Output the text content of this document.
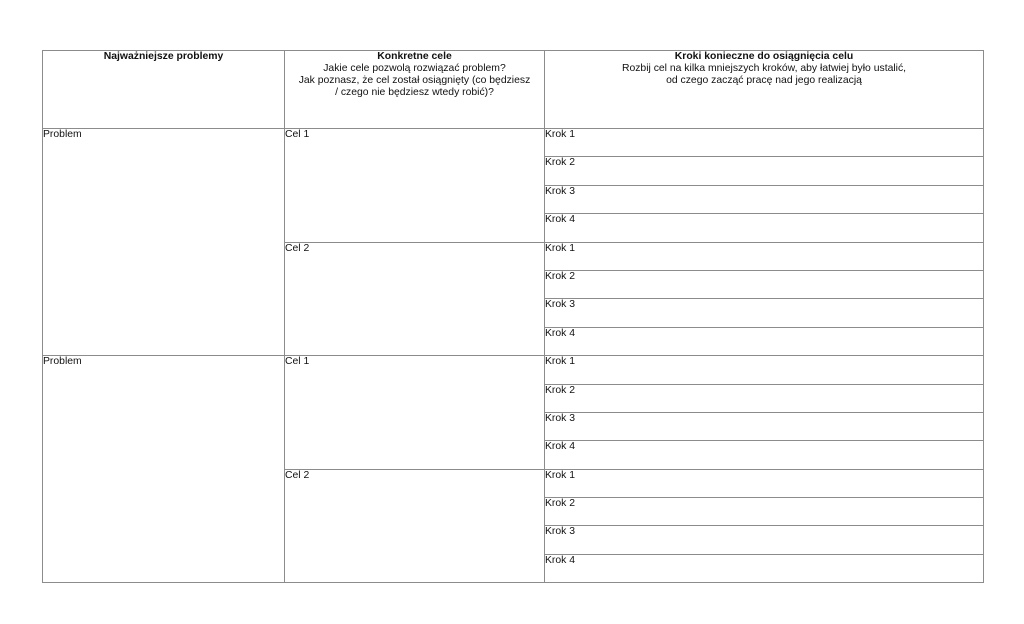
Najważniejsze problemy	Konkretne cele
Jakie cele pozwolą rozwiązać problem?
Jak poznasz, że cel został osiągnięty (co będziesz
/ czego nie będziesz wtedy robić)?	Kroki konieczne do osiągnięcia celu
Rozbij cel na kilka mniejszych kroków, aby łatwiej było ustalić,
od czego zacząć pracę nad jego realizacją

Problem	Cel 1	Krok 1
		Krok 2
		Krok 3
		Krok 4
	Cel 2	Krok 1
		Krok 2
		Krok 3
		Krok 4
Problem	Cel 1	Krok 1
		Krok 2
		Krok 3
		Krok 4
	Cel 2	Krok 1
		Krok 2
		Krok 3
		Krok 4
